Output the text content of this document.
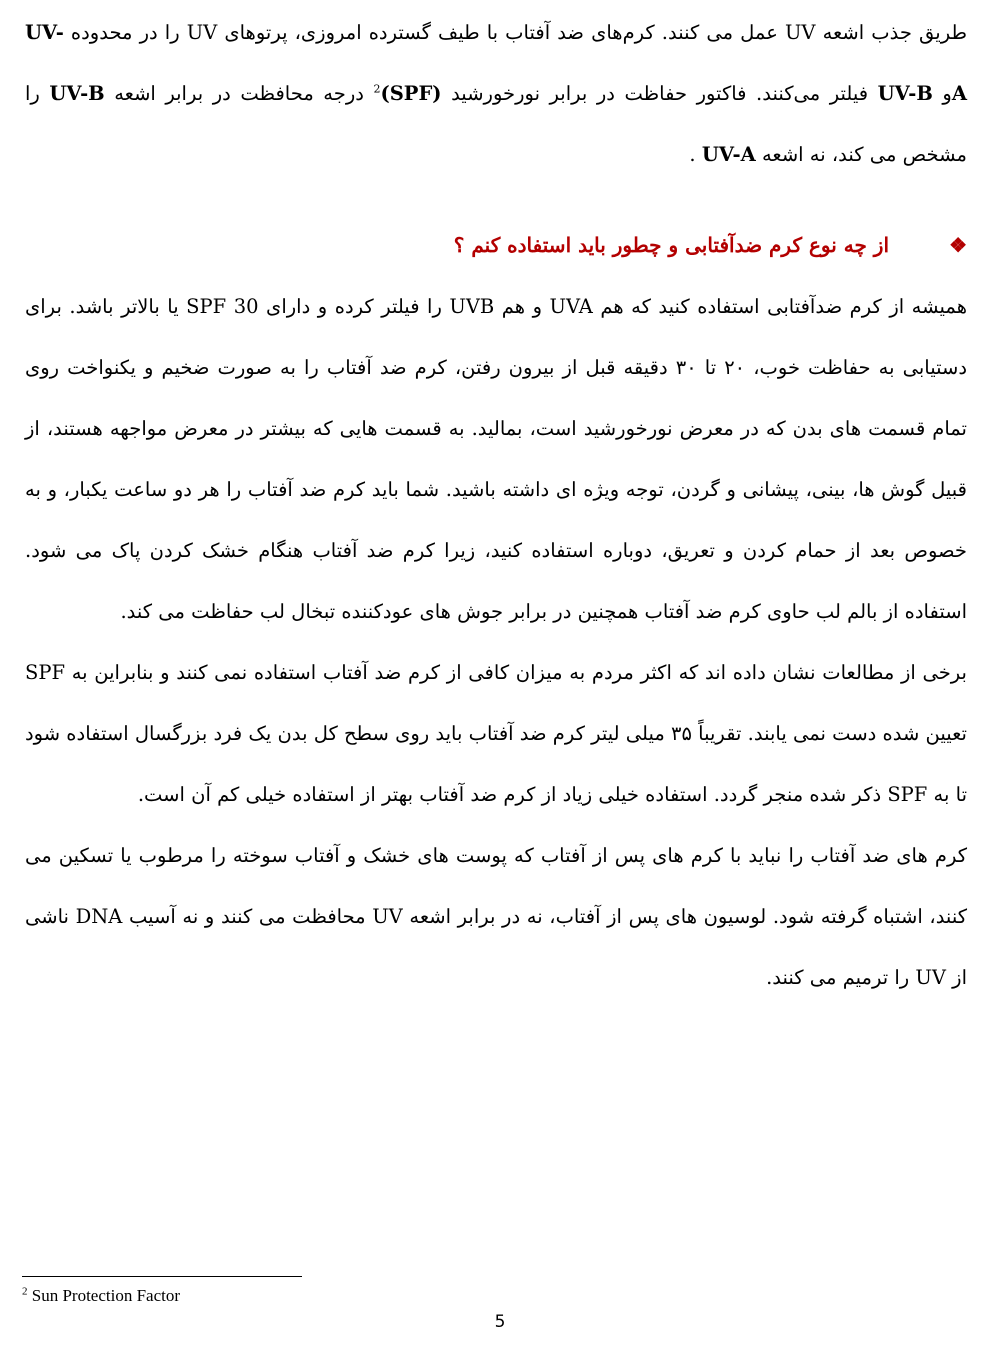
طریق جذب اشعه UV عمل می کنند. کرم‌های ضد آفتاب با طیف گسترده امروزی، پرتوهای UV را در محدوده UV-Aو UV-B فیلتر می‌کنند. فاکتور حفاظت در برابر نورخورشید (SPF)$^2$ درجه محافظت در برابر اشعه UV-B را مشخص می کند، نه اشعه UV-A .

❖از چه نوع کرم ضدآفتابی و چطور باید استفاده کنم ؟

همیشه از کرم ضدآفتابی استفاده کنید که هم UVA و هم UVB را فیلتر کرده و دارای SPF 30 یا بالاتر باشد. برای دستیابی به حفاظت خوب، ۲۰ تا ۳۰ دقیقه قبل از بیرون رفتن، کرم ضد آفتاب را به صورت ضخیم و یکنواخت روی تمام قسمت های بدن که در معرض نورخورشید است، بمالید. به قسمت هایی که بیشتر در معرض مواجهه هستند، از قبیل گوش ها، بینی، پیشانی و گردن، توجه ویژه ای داشته باشید. شما باید کرم ضد آفتاب را هر دو ساعت یکبار، و به خصوص بعد از حمام کردن و تعریق، دوباره استفاده کنید، زیرا کرم ضد آفتاب هنگام خشک کردن پاک می شود. استفاده از بالم لب حاوی کرم ضد آفتاب همچنین در برابر جوش های عودکننده تبخال لب حفاظت می کند.

برخی از مطالعات نشان داده اند که اکثر مردم به میزان کافی از کرم ضد آفتاب استفاده نمی کنند و بنابراین به SPF تعیین شده دست نمی یابند. تقریباً ۳۵ میلی لیتر کرم ضد آفتاب باید روی سطح کل بدن یک فرد بزرگسال استفاده شود تا به SPF ذکر شده منجر گردد. استفاده خیلی زیاد از کرم ضد آفتاب بهتر از استفاده خیلی کم آن است.

کرم های ضد آفتاب را نباید با کرم های پس از آفتاب که پوست های خشک و آفتاب سوخته را مرطوب یا تسکین می کنند، اشتباه گرفته شود. لوسیون های پس از آفتاب، نه در برابر اشعه UV محافظت می کنند و نه آسیب DNA ناشی از UV را ترمیم می کنند.

$^2$ Sun Protection Factor
5
